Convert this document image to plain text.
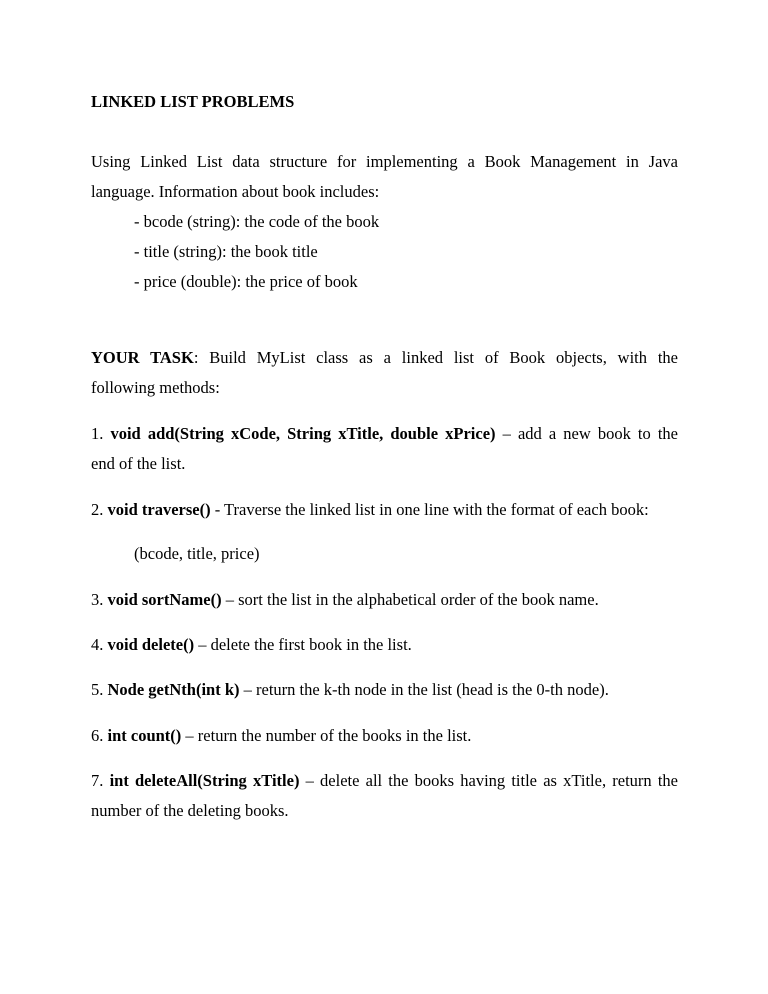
LINKED LIST PROBLEMS
Using Linked List data structure for implementing a Book Management in Java
language. Information about book includes:
- bcode (string): the code of the book
- title (string): the book title
- price (double): the price of book
YOUR TASK: Build MyList class as a linked list of Book objects, with the
following methods:
1. void add(String xCode, String xTitle, double xPrice) – add a new book to the
end of the list.
2. void traverse() - Traverse the linked list in one line with the format of each book:
(bcode, title, price)
3. void sortName() – sort the list in the alphabetical order of the book name.
4. void delete() – delete the first book in the list.
5. Node getNth(int k) – return the k-th node in the list (head is the 0-th node).
6. int count() – return the number of the books in the list.
7. int deleteAll(String xTitle) – delete all the books having title as xTitle, return the
number of the deleting books.
